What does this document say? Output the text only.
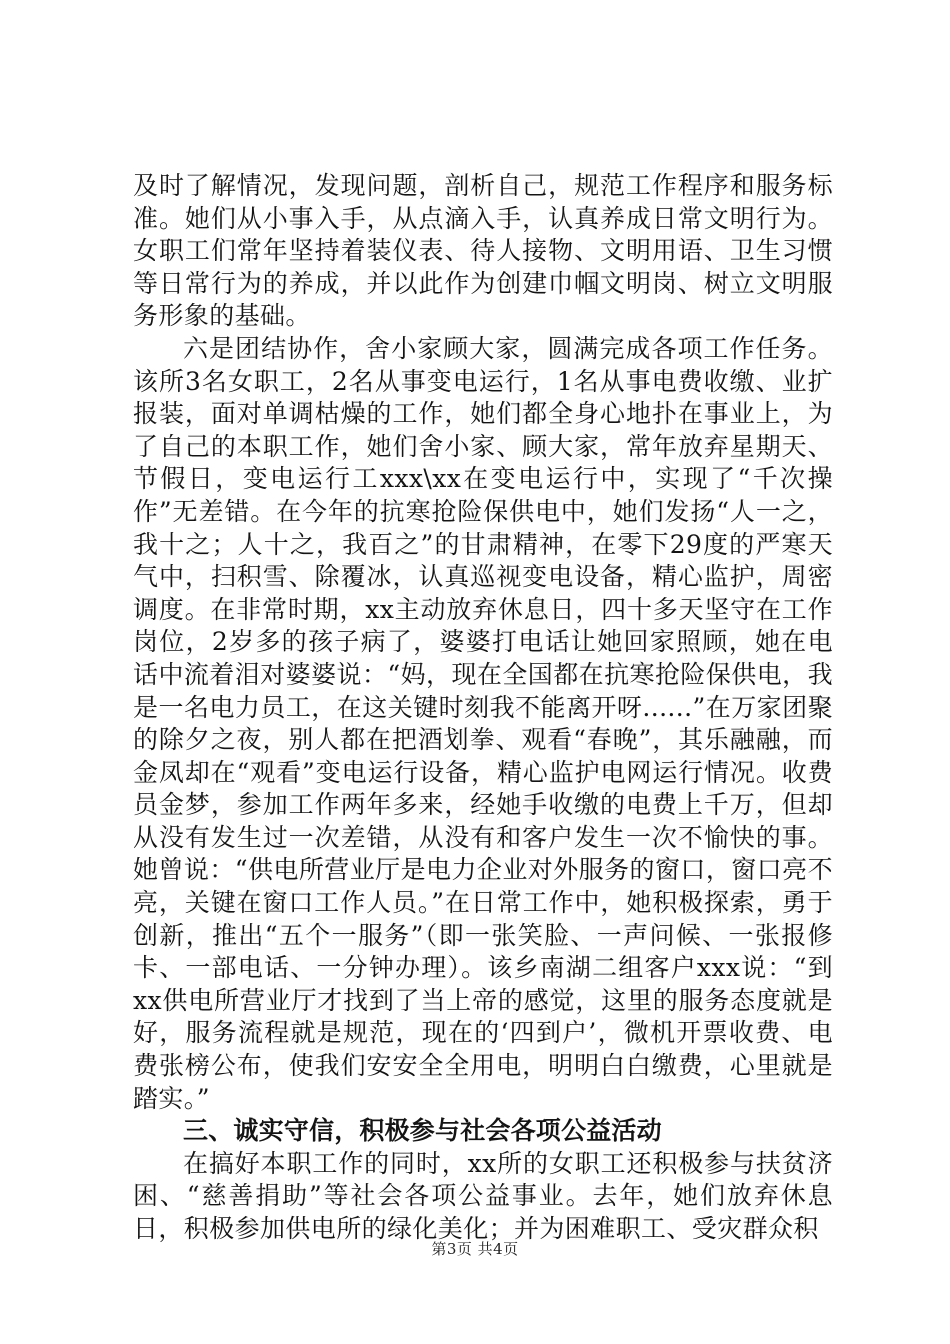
及时了解情况，发现问题，剖析自己，规范工作程序和服务标准。她们从小事入手，从点滴入手，认真养成日常文明行为。女职工们常年坚持着装仪表、待人接物、文明用语、卫生习惯等日常行为的养成，并以此作为创建巾帼文明岗、树立文明服务形象的基础。

六是团结协作，舍小家顾大家，圆满完成各项工作任务。该所3名女职工，2名从事变电运行，1名从事电费收缴、业扩报装，面对单调枯燥的工作，她们都全身心地扑在事业上，为了自己的本职工作，她们舍小家、顾大家，常年放弃星期天、节假日，变电运行工xxx\xx在变电运行中，实现了“千次操作”无差错。在今年的抗寒抢险保供电中，她们发扬“人一之，我十之；人十之，我百之”的甘肃精神，在零下29度的严寒天气中，扫积雪、除覆冰，认真巡视变电设备，精心监护，周密调度。在非常时期，xx主动放弃休息日，四十多天坚守在工作岗位，2岁多的孩子病了，婆婆打电话让她回家照顾，她在电话中流着泪对婆婆说：“妈，现在全国都在抗寒抢险保供电，我是一名电力员工，在这关键时刻我不能离开呀......”在万家团聚的除夕之夜，别人都在把酒划拳、观看“春晚”，其乐融融，而金凤却在“观看”变电运行设备，精心监护电网运行情况。收费员金梦，参加工作两年多来，经她手收缴的电费上千万，但却从没有发生过一次差错，从没有和客户发生一次不愉快的事。她曾说：“供电所营业厅是电力企业对外服务的窗口，窗口亮不亮，关键在窗口工作人员。”在日常工作中，她积极探索，勇于创新，推出“五个一服务”（即一张笑脸、一声问候、一张报修卡、一部电话、一分钟办理）。该乡南湖二组客户xxx说：“到xx供电所营业厅才找到了当上帝的感觉，这里的服务态度就是好，服务流程就是规范，现在的‘四到户’，微机开票收费、电费张榜公布，使我们安安全全用电，明明白白缴费，心里就是踏实。”

三、诚实守信，积极参与社会各项公益活动

在搞好本职工作的同时，xx所的女职工还积极参与扶贫济困、“慈善捐助”等社会各项公益事业。去年，她们放弃休息日，积极参加供电所的绿化美化；并为困难职工、受灾群众积

第3页 共4页
